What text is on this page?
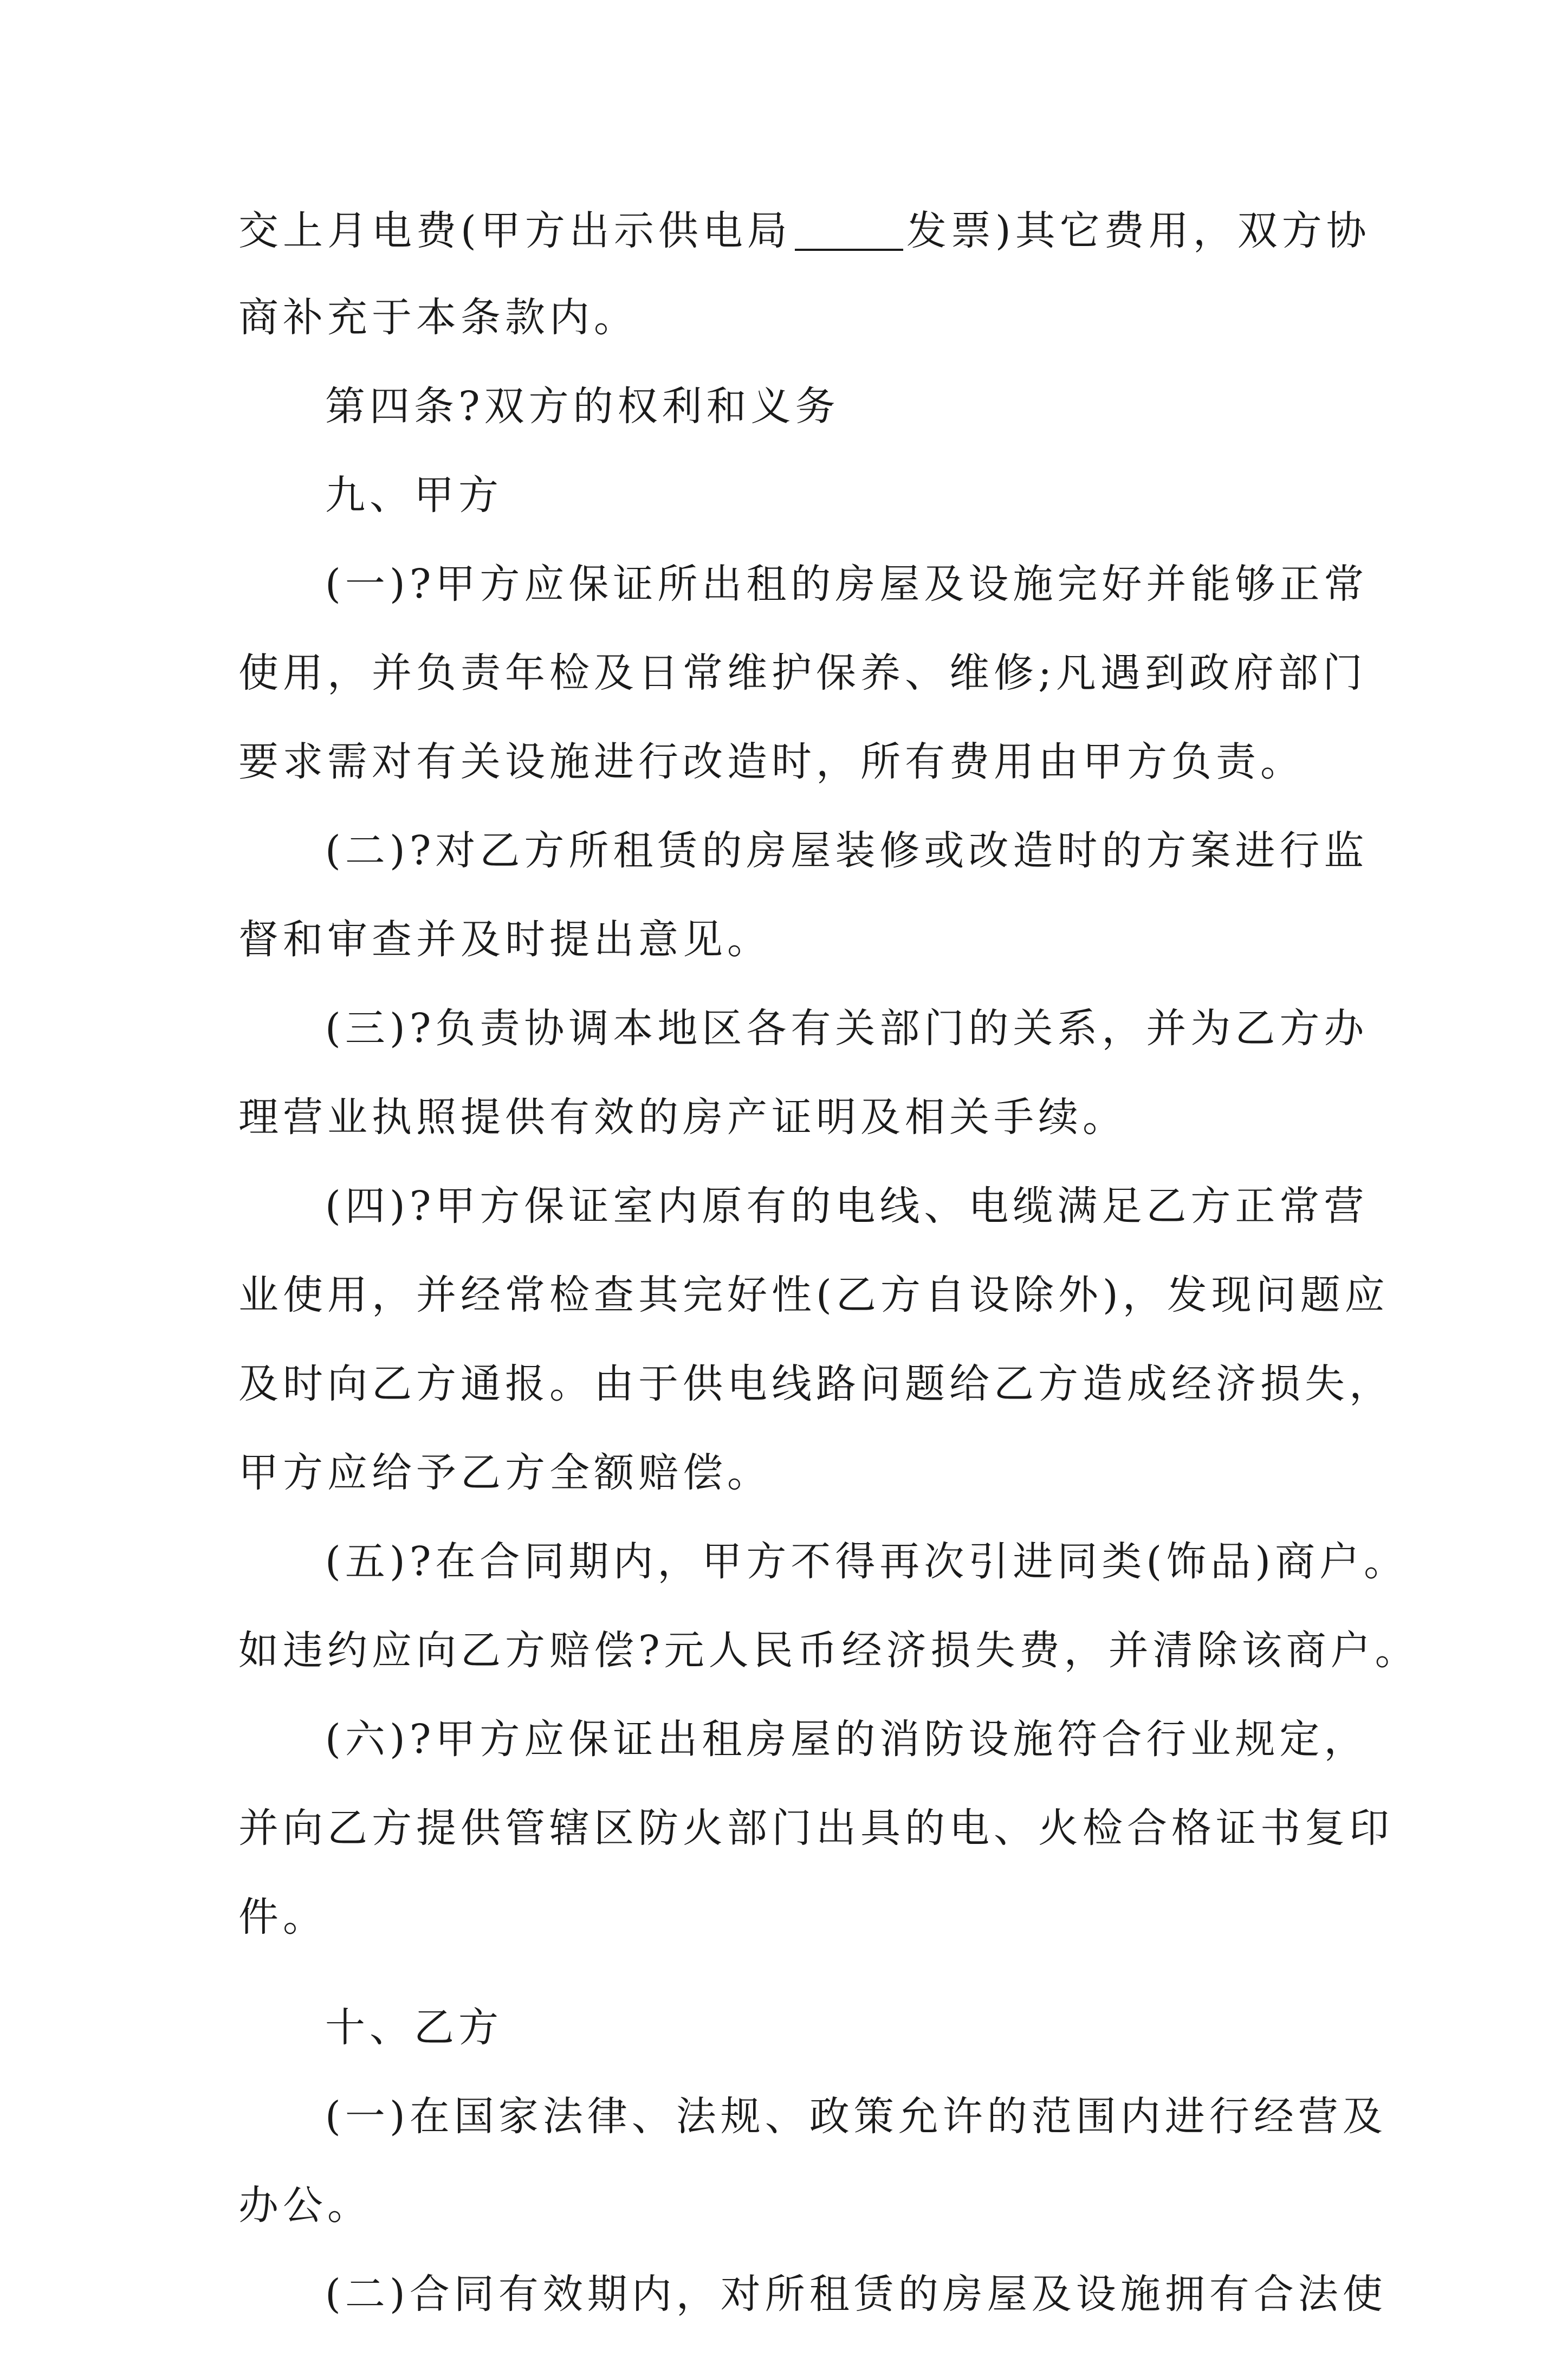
交上月电费(甲方出示供电局	发票)其它费用，双方协
商补充于本条款内。
第四条?双方的权利和义务
九、甲方
(一)?甲方应保证所出租的房屋及设施完好并能够正常
使用，并负责年检及日常维护保养、维修;凡遇到政府部门
要求需对有关设施进行改造时，所有费用由甲方负责。
(二)?对乙方所租赁的房屋装修或改造时的方案进行监
督和审查并及时提出意见。
(三)?负责协调本地区各有关部门的关系，并为乙方办
理营业执照提供有效的房产证明及相关手续。
(四)?甲方保证室内原有的电线、电缆满足乙方正常营
业使用，并经常检查其完好性(乙方自设除外)，发现问题应
及时向乙方通报。由于供电线路问题给乙方造成经济损失，
甲方应给予乙方全额赔偿。
(五)?在合同期内，甲方不得再次引进同类(饰品)商户。
如违约应向乙方赔偿?元人民币经济损失费，并清除该商户。
(六)?甲方应保证出租房屋的消防设施符合行业规定，
并向乙方提供管辖区防火部门出具的电、火检合格证书复印
件。
十、乙方
(一)在国家法律、法规、政策允许的范围内进行经营及
办公。
(二)合同有效期内，对所租赁的房屋及设施拥有合法使
